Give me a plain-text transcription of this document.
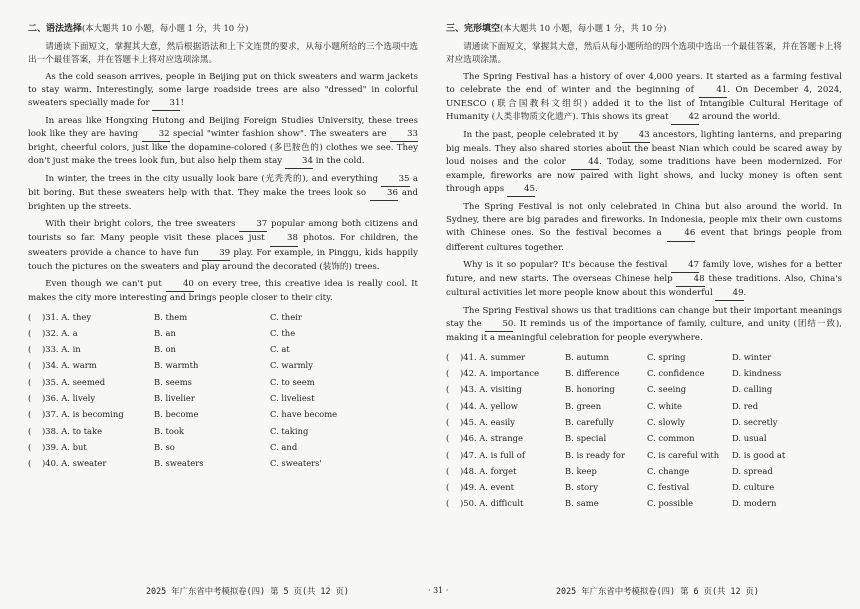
二、语法选择(本大题共 10 小题，每小题 1 分，共 10 分)

请通读下面短文，掌握其大意，然后根据语法和上下文连贯的要求，从每小题所给的三个选项中选出一个最佳答案，并在答题卡上将对应选项涂黑。

As the cold season arrives, people in Beijing put on thick sweaters and warm jackets to stay warm. Interestingly, some large roadside trees are also "dressed" in colorful sweaters specially made for 31!

In areas like Hongxing Hutong and Beijing Foreign Studies University, these trees look like they are having 32 special "winter fashion show". The sweaters are 33 bright, cheerful colors, just like the dopamine-colored (多巴胺色的) clothes we see. They don't just make the trees look fun, but also help them stay 34 in the cold.

In winter, the trees in the city usually look bare (光秃秃的), and everything 35 a bit boring. But these sweaters help with that. They make the trees look so 36 and brighten up the streets.

With their bright colors, the tree sweaters 37 popular among both citizens and tourists so far. Many people visit these places just	38 photos. For children, the sweaters provide a chance to have fun 39 play. For example, in Pinggu, kids happily touch the pictures on the sweaters and play around the decorated (装饰的) trees.

Even though we can't put 40 on every tree, this creative idea is really cool. It makes the city more interesting and brings people closer to their city.

(	)31. A. they	B. them	C. their
(	)32. A. a	B. an	C. the
(	)33. A. in	B. on	C. at
(	)34. A. warm	B. warmth	C. warmly
(	)35. A. seemed	B. seems	C. to seem
(	)36. A. lively	B. livelier	C. liveliest
(	)37. A. is becoming	B. become	C. have become
(	)38. A. to take	B. took	C. taking
(	)39. A. but	B. so	C. and
(	)40. A. sweater	B. sweaters	C. sweaters'
三、完形填空(本大题共 10 小题，每小题 1 分，共 10 分)

请通读下面短文，掌握其大意，然后从每小题所给的四个选项中选出一个最佳答案，并在答题卡上将对应选项涂黑。

The Spring Festival has a history of over 4,000 years. It started as a farming festival to celebrate the end of winter and the beginning of	41. On December 4, 2024, UNESCO (联合国教科文组织) added it to the list of Intangible Cultural Heritage of Humanity (人类非物质文化遗产). This shows its great 42 around the world.

In the past, people celebrated it by 43 ancestors, lighting lanterns, and preparing big meals. They also shared stories about the beast Nian which could be scared away by loud noises and the color	44. Today, some traditions have been modernized. For example, fireworks are now paired with light shows, and lucky money is often sent through apps 45.

The Spring Festival is not only celebrated in China but also around the world. In Sydney, there are big parades and fireworks. In Indonesia, people mix their own customs with Chinese ones. So the festival becomes a	46 event that brings people from different cultures together.

Why is it so popular? It's because the festival 47 family love, wishes for a better future, and new starts. The overseas Chinese help 48 these traditions. Also, China's cultural activities let more people know about this wonderful 49.

The Spring Festival shows us that traditions can change but their important meanings stay the 50. It reminds us of the importance of family, culture, and unity (团结一致), making it a meaningful celebration for people everywhere.

(	)41. A. summer	B. autumn	C. spring	D. winter
(	)42. A. importance	B. difference	C. confidence	D. kindness
(	)43. A. visiting	B. honoring	C. seeing	D. calling
(	)44. A. yellow	B. green	C. white	D. red
(	)45. A. easily	B. carefully	C. slowly	D. secretly
(	)46. A. strange	B. special	C. common	D. usual
(	)47. A. is full of	B. is ready for	C. is careful with	D. is good at
(	)48. A. forget	B. keep	C. change	D. spread
(	)49. A. event	B. story	C. festival	D. culture
(	)50. A. difficult	B. same	C. possible	D. modern
2025 年广东省中考模拟卷(四) 第 5 页(共 12 页)	· 31 ·	2025 年广东省中考模拟卷(四) 第 6 页(共 12 页)
